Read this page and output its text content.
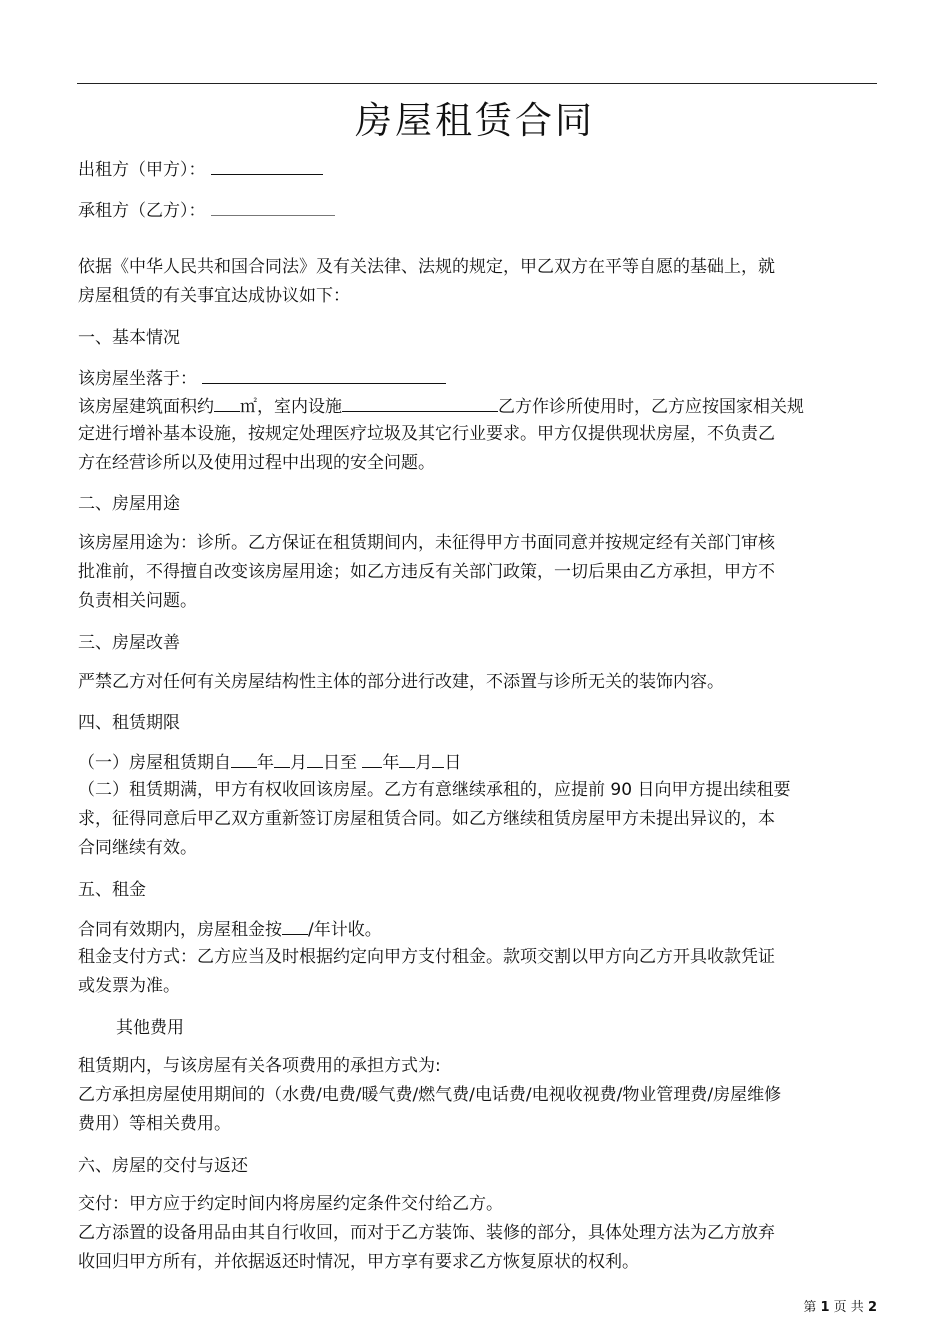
房屋租赁合同
出租方（甲方）：
承租方（乙方）：
依据《中华人民共和国合同法》及有关法律、法规的规定，甲乙双方在平等自愿的基础上，就
房屋租赁的有关事宜达成协议如下：
一、基本情况
该房屋坐落于：
该房屋建筑面积约 ㎡，室内设施	乙方作诊所使用时，乙方应按国家相关规
定进行增补基本设施，按规定处理医疗垃圾及其它行业要求。甲方仅提供现状房屋，不负责乙
方在经营诊所以及使用过程中出现的安全问题。
二、房屋用途
该房屋用途为：诊所。乙方保证在租赁期间内，未征得甲方书面同意并按规定经有关部门审核
批准前，不得擅自改变该房屋用途；如乙方违反有关部门政策，一切后果由乙方承担，甲方不
负责相关问题。
三、房屋改善
严禁乙方对任何有关房屋结构性主体的部分进行改建，不添置与诊所无关的装饰内容。
四、租赁期限
（一）房屋租赁期自 年 月 日至 年 月 日
（二）租赁期满，甲方有权收回该房屋。乙方有意继续承租的，应提前 90 日向甲方提出续租要
求，征得同意后甲乙双方重新签订房屋租赁合同。如乙方继续租赁房屋甲方未提出异议的，本
合同继续有效。
五、租金
合同有效期内，房屋租金按 /年计收。
租金支付方式：乙方应当及时根据约定向甲方支付租金。款项交割以甲方向乙方开具收款凭证
或发票为准。
其他费用
租赁期内，与该房屋有关各项费用的承担方式为:
乙方承担房屋使用期间的（水费/电费/暖气费/燃气费/电话费/电视收视费/物业管理费/房屋维修
费用）等相关费用。
六、房屋的交付与返还
交付：甲方应于约定时间内将房屋约定条件交付给乙方。
乙方添置的设备用品由其自行收回，而对于乙方装饰、装修的部分，具体处理方法为乙方放弃
收回归甲方所有，并依据返还时情况，甲方享有要求乙方恢复原状的权利。
第 1 页 共 2
